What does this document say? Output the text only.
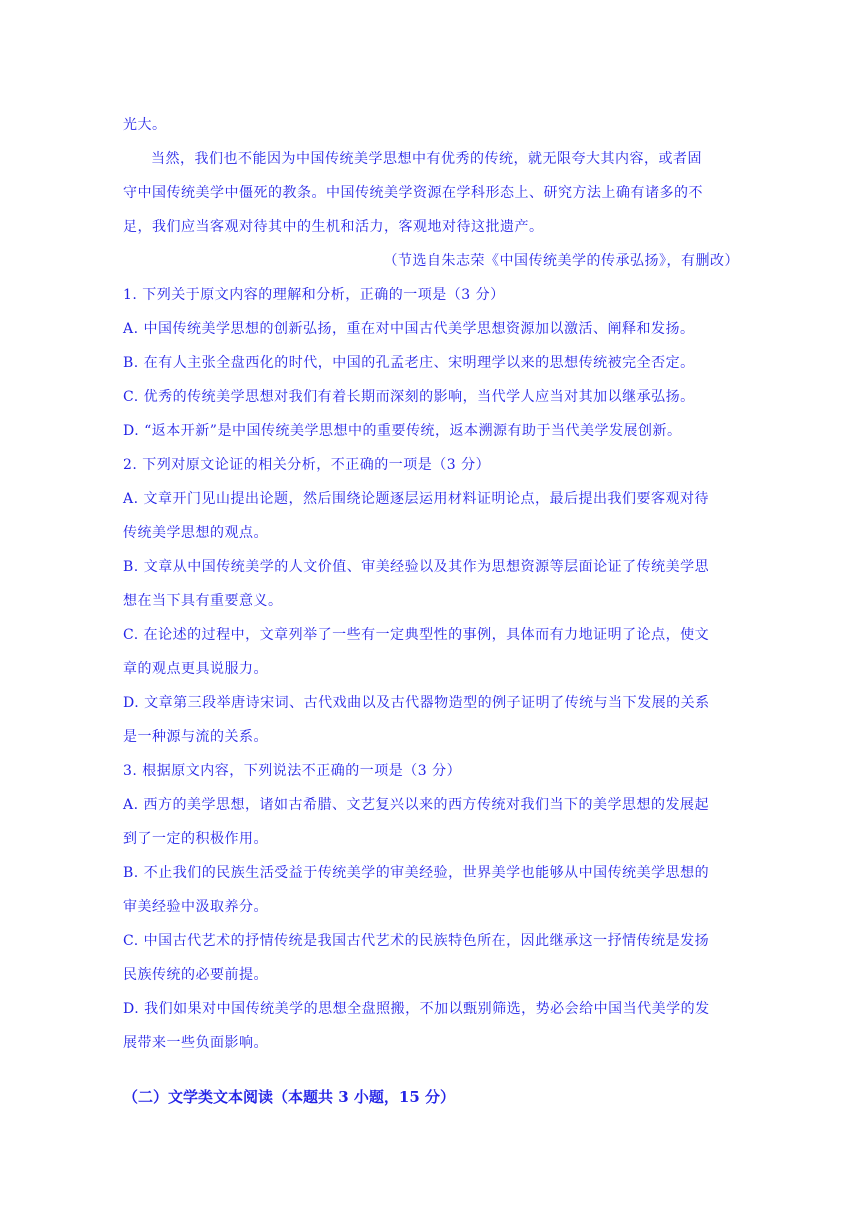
光大。
当然，我们也不能因为中国传统美学思想中有优秀的传统，就无限夸大其内容，或者固
守中国传统美学中僵死的教条。中国传统美学资源在学科形态上、研究方法上确有诸多的不
足，我们应当客观对待其中的生机和活力，客观地对待这批遗产。
（节选自朱志荣《中国传统美学的传承弘扬》，有删改）
1. 下列关于原文内容的理解和分析，正确的一项是（3 分）
A. 中国传统美学思想的创新弘扬，重在对中国古代美学思想资源加以激活、阐释和发扬。
B. 在有人主张全盘西化的时代，中国的孔孟老庄、宋明理学以来的思想传统被完全否定。
C. 优秀的传统美学思想对我们有着长期而深刻的影响，当代学人应当对其加以继承弘扬。
D. “返本开新”是中国传统美学思想中的重要传统，返本溯源有助于当代美学发展创新。
2. 下列对原文论证的相关分析，不正确的一项是（3 分）
A. 文章开门见山提出论题，然后围绕论题逐层运用材料证明论点，最后提出我们要客观对待
传统美学思想的观点。
B. 文章从中国传统美学的人文价值、审美经验以及其作为思想资源等层面论证了传统美学思
想在当下具有重要意义。
C. 在论述的过程中，文章列举了一些有一定典型性的事例，具体而有力地证明了论点，使文
章的观点更具说服力。
D. 文章第三段举唐诗宋词、古代戏曲以及古代器物造型的例子证明了传统与当下发展的关系
是一种源与流的关系。
3. 根据原文内容，下列说法不正确的一项是（3 分）
A. 西方的美学思想，诸如古希腊、文艺复兴以来的西方传统对我们当下的美学思想的发展起
到了一定的积极作用。
B. 不止我们的民族生活受益于传统美学的审美经验，世界美学也能够从中国传统美学思想的
审美经验中汲取养分。
C. 中国古代艺术的抒情传统是我国古代艺术的民族特色所在，因此继承这一抒情传统是发扬
民族传统的必要前提。
D. 我们如果对中国传统美学的思想全盘照搬，不加以甄别筛选，势必会给中国当代美学的发
展带来一些负面影响。
（二）文学类文本阅读（本题共 3 小题，15 分）
